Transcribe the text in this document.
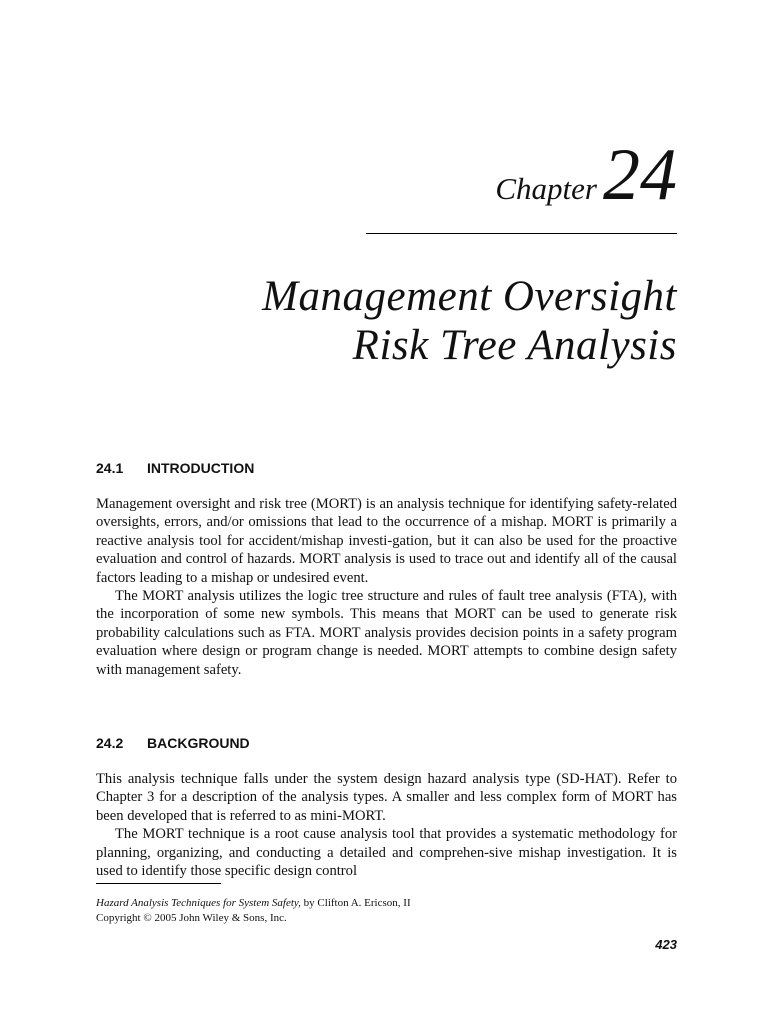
Chapter24
Management Oversight
Risk Tree Analysis
24.1 INTRODUCTION

Management oversight and risk tree (MORT) is an analysis technique for identifying safety-related oversights, errors, and/or omissions that lead to the occurrence of a mishap. MORT is primarily a reactive analysis tool for accident/mishap investi-gation, but it can also be used for the proactive evaluation and control of hazards. MORT analysis is used to trace out and identify all of the causal factors leading to a mishap or undesired event.

The MORT analysis utilizes the logic tree structure and rules of fault tree analysis (FTA), with the incorporation of some new symbols. This means that MORT can be used to generate risk probability calculations such as FTA. MORT analysis provides decision points in a safety program evaluation where design or program change is needed. MORT attempts to combine design safety with management safety.

24.2 BACKGROUND

This analysis technique falls under the system design hazard analysis type (SD-HAT). Refer to Chapter 3 for a description of the analysis types. A smaller and less complex form of MORT has been developed that is referred to as mini-MORT.

The MORT technique is a root cause analysis tool that provides a systematic methodology for planning, organizing, and conducting a detailed and comprehen-sive mishap investigation. It is used to identify those specific design control

Hazard Analysis Techniques for System Safety, by Clifton A. Ericson, II
Copyright © 2005 John Wiley & Sons, Inc.
423
